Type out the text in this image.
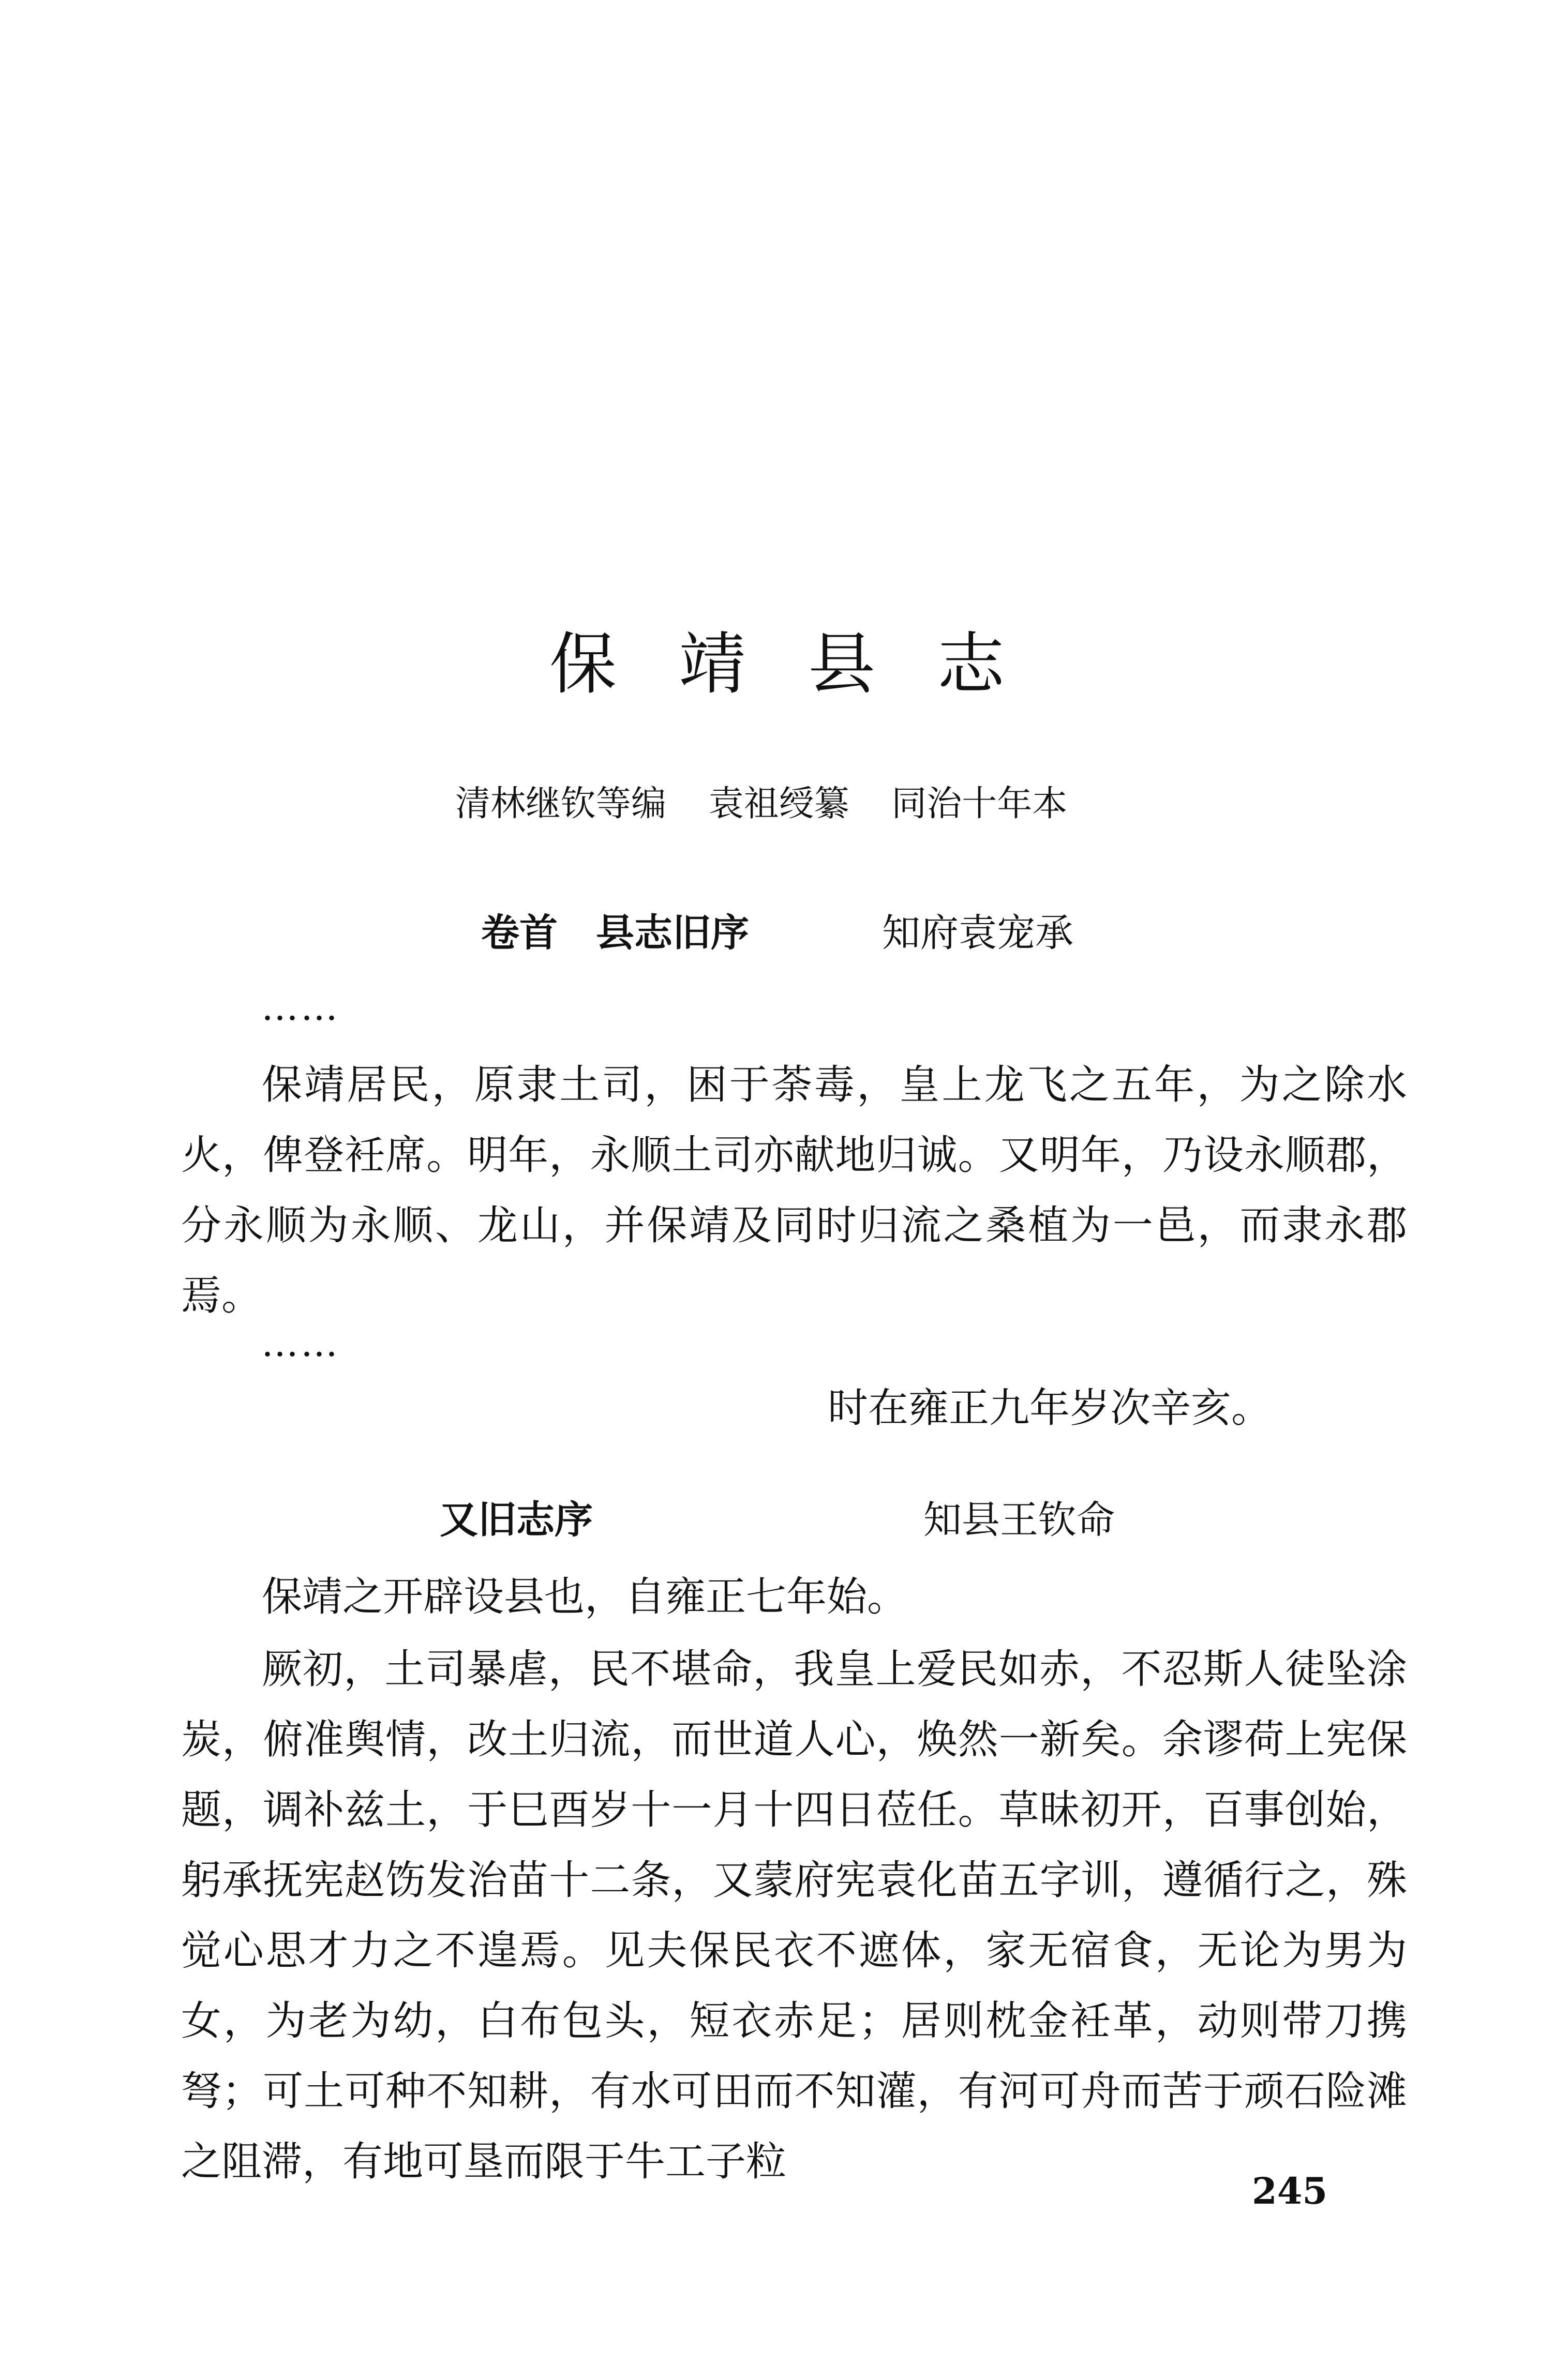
保靖县志
清林继钦等编 袁祖绶纂 同治十年本
卷首　县志旧序	知府袁宠承
……
保靖居民，原隶土司，困于荼毒，皇上龙飞之五年，为之除水火，俾登衽席。明年，永顺土司亦献地归诚。又明年，乃设永顺郡，分永顺为永顺、龙山，并保靖及同时归流之桑植为一邑，而隶永郡焉。
……
时在雍正九年岁次辛亥。
又旧志序	知县王钦命
保靖之开辟设县也，自雍正七年始。
厥初，土司暴虐，民不堪命，我皇上爱民如赤，不忍斯人徒坠涂炭，俯准舆情，改土归流，而世道人心，焕然一新矣。余谬荷上宪保题，调补兹土，于巳酉岁十一月十四日莅任。草昧初开，百事创始，躬承抚宪赵饬发治苗十二条，又蒙府宪袁化苗五字训，遵循行之，殊觉心思才力之不遑焉。见夫保民衣不遮体，家无宿食，无论为男为女，为老为幼，白布包头，短衣赤足；居则枕金衽革，动则带刀携弩；可土可种不知耕，有水可田而不知灌，有河可舟而苦于顽石险滩之阻滞，有地可垦而限于牛工子粒
245
